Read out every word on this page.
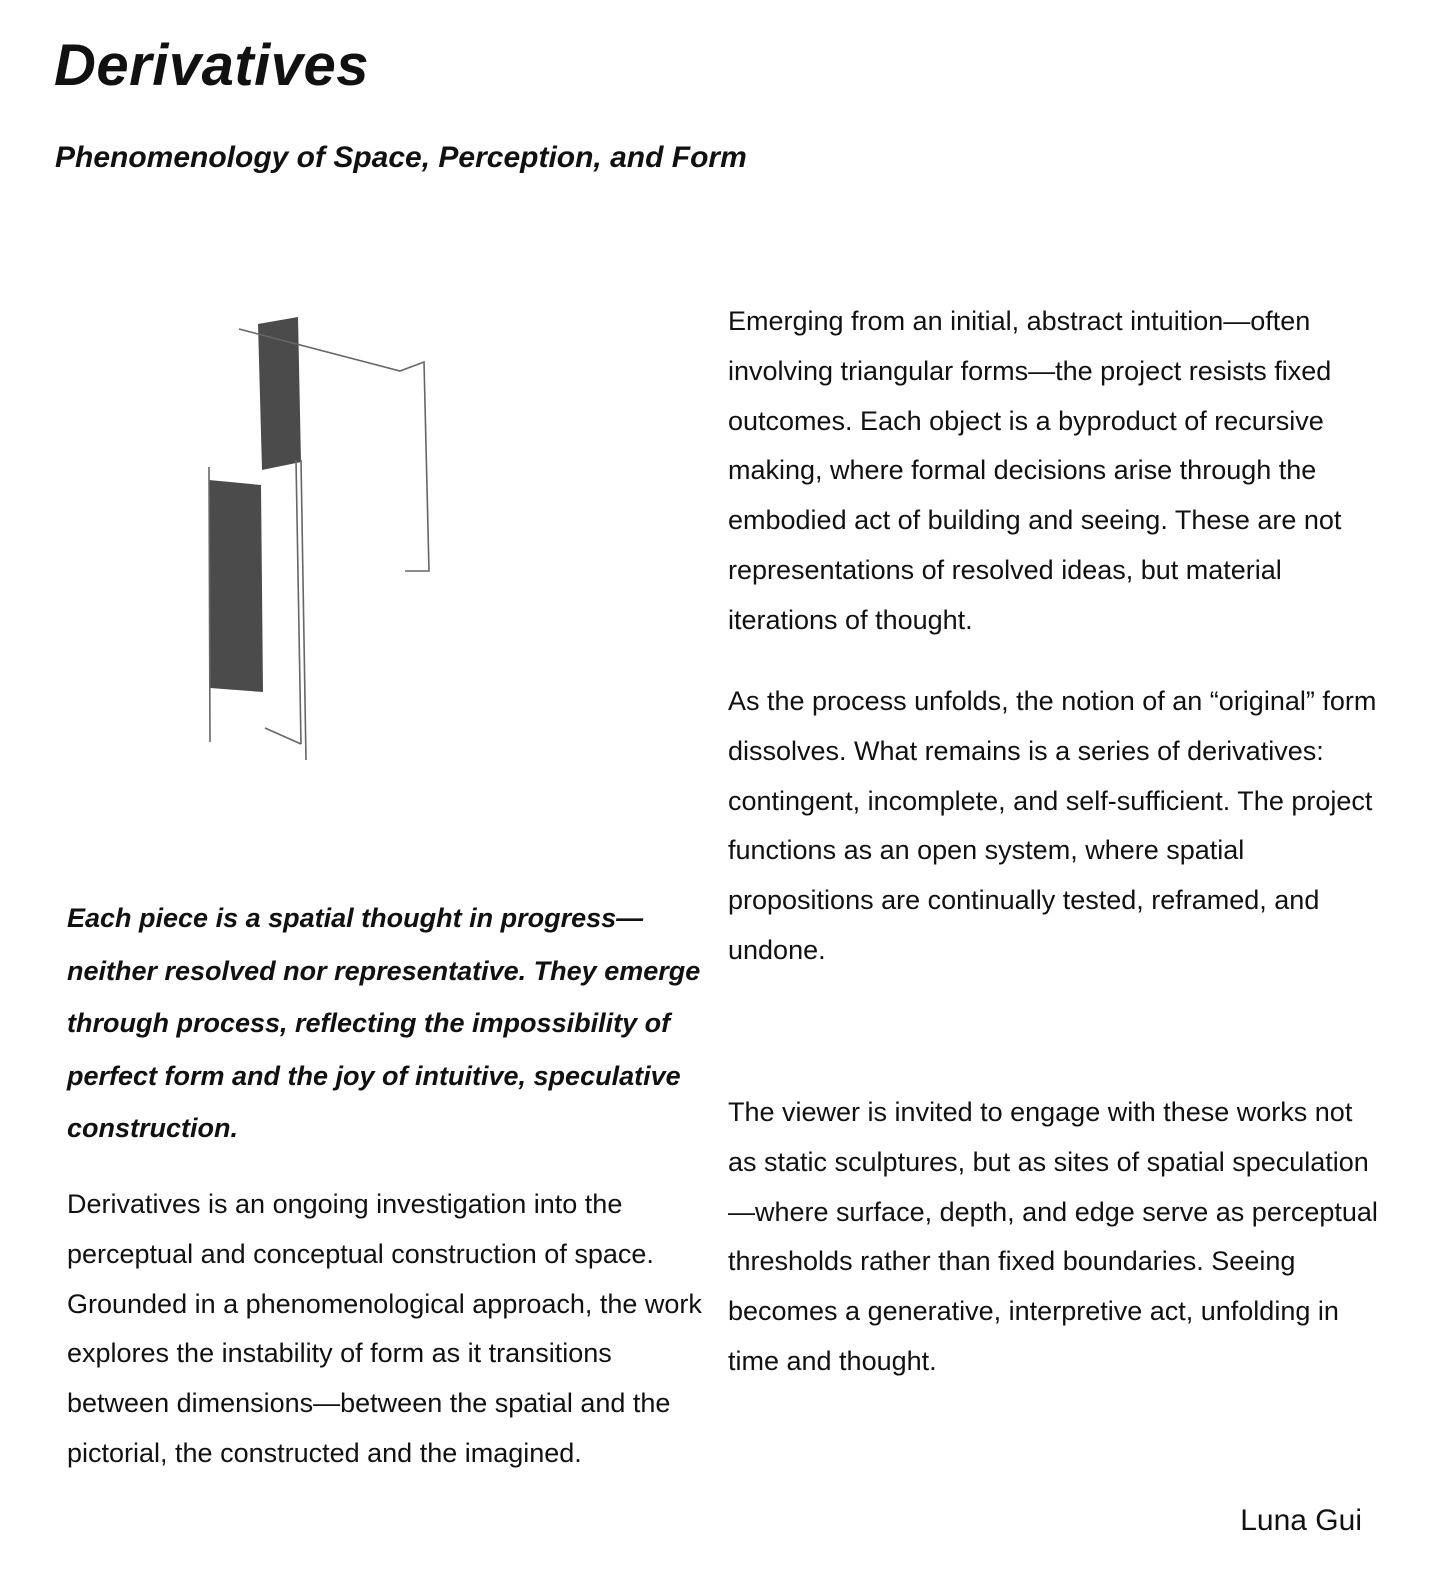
Derivatives
Phenomenology of Space, Perception, and Form

Each piece is a spatial thought in progress—neither resolved nor representative. They emerge through process, reflecting the impossibility of perfect form and the joy of intuitive, speculative construction.

Derivatives is an ongoing investigation into the perceptual and conceptual construction of space. Grounded in a phenomenological approach, the work explores the instability of form as it transitions between dimensions—between the spatial and the pictorial, the constructed and the imagined.

Emerging from an initial, abstract intuition—often involving triangular forms—the project resists fixed outcomes. Each object is a byproduct of recursive making, where formal decisions arise through the embodied act of building and seeing. These are not representations of resolved ideas, but material iterations of thought.

As the process unfolds, the notion of an “original” form dissolves. What remains is a series of derivatives: contingent, incomplete, and self-sufficient. The project functions as an open system, where spatial propositions are continually tested, reframed, and undone.

The viewer is invited to engage with these works not as static sculptures, but as sites of spatial speculation—where surface, depth, and edge serve as perceptual thresholds rather than fixed boundaries. Seeing becomes a generative, interpretive act, unfolding in time and thought.

Luna Gui
